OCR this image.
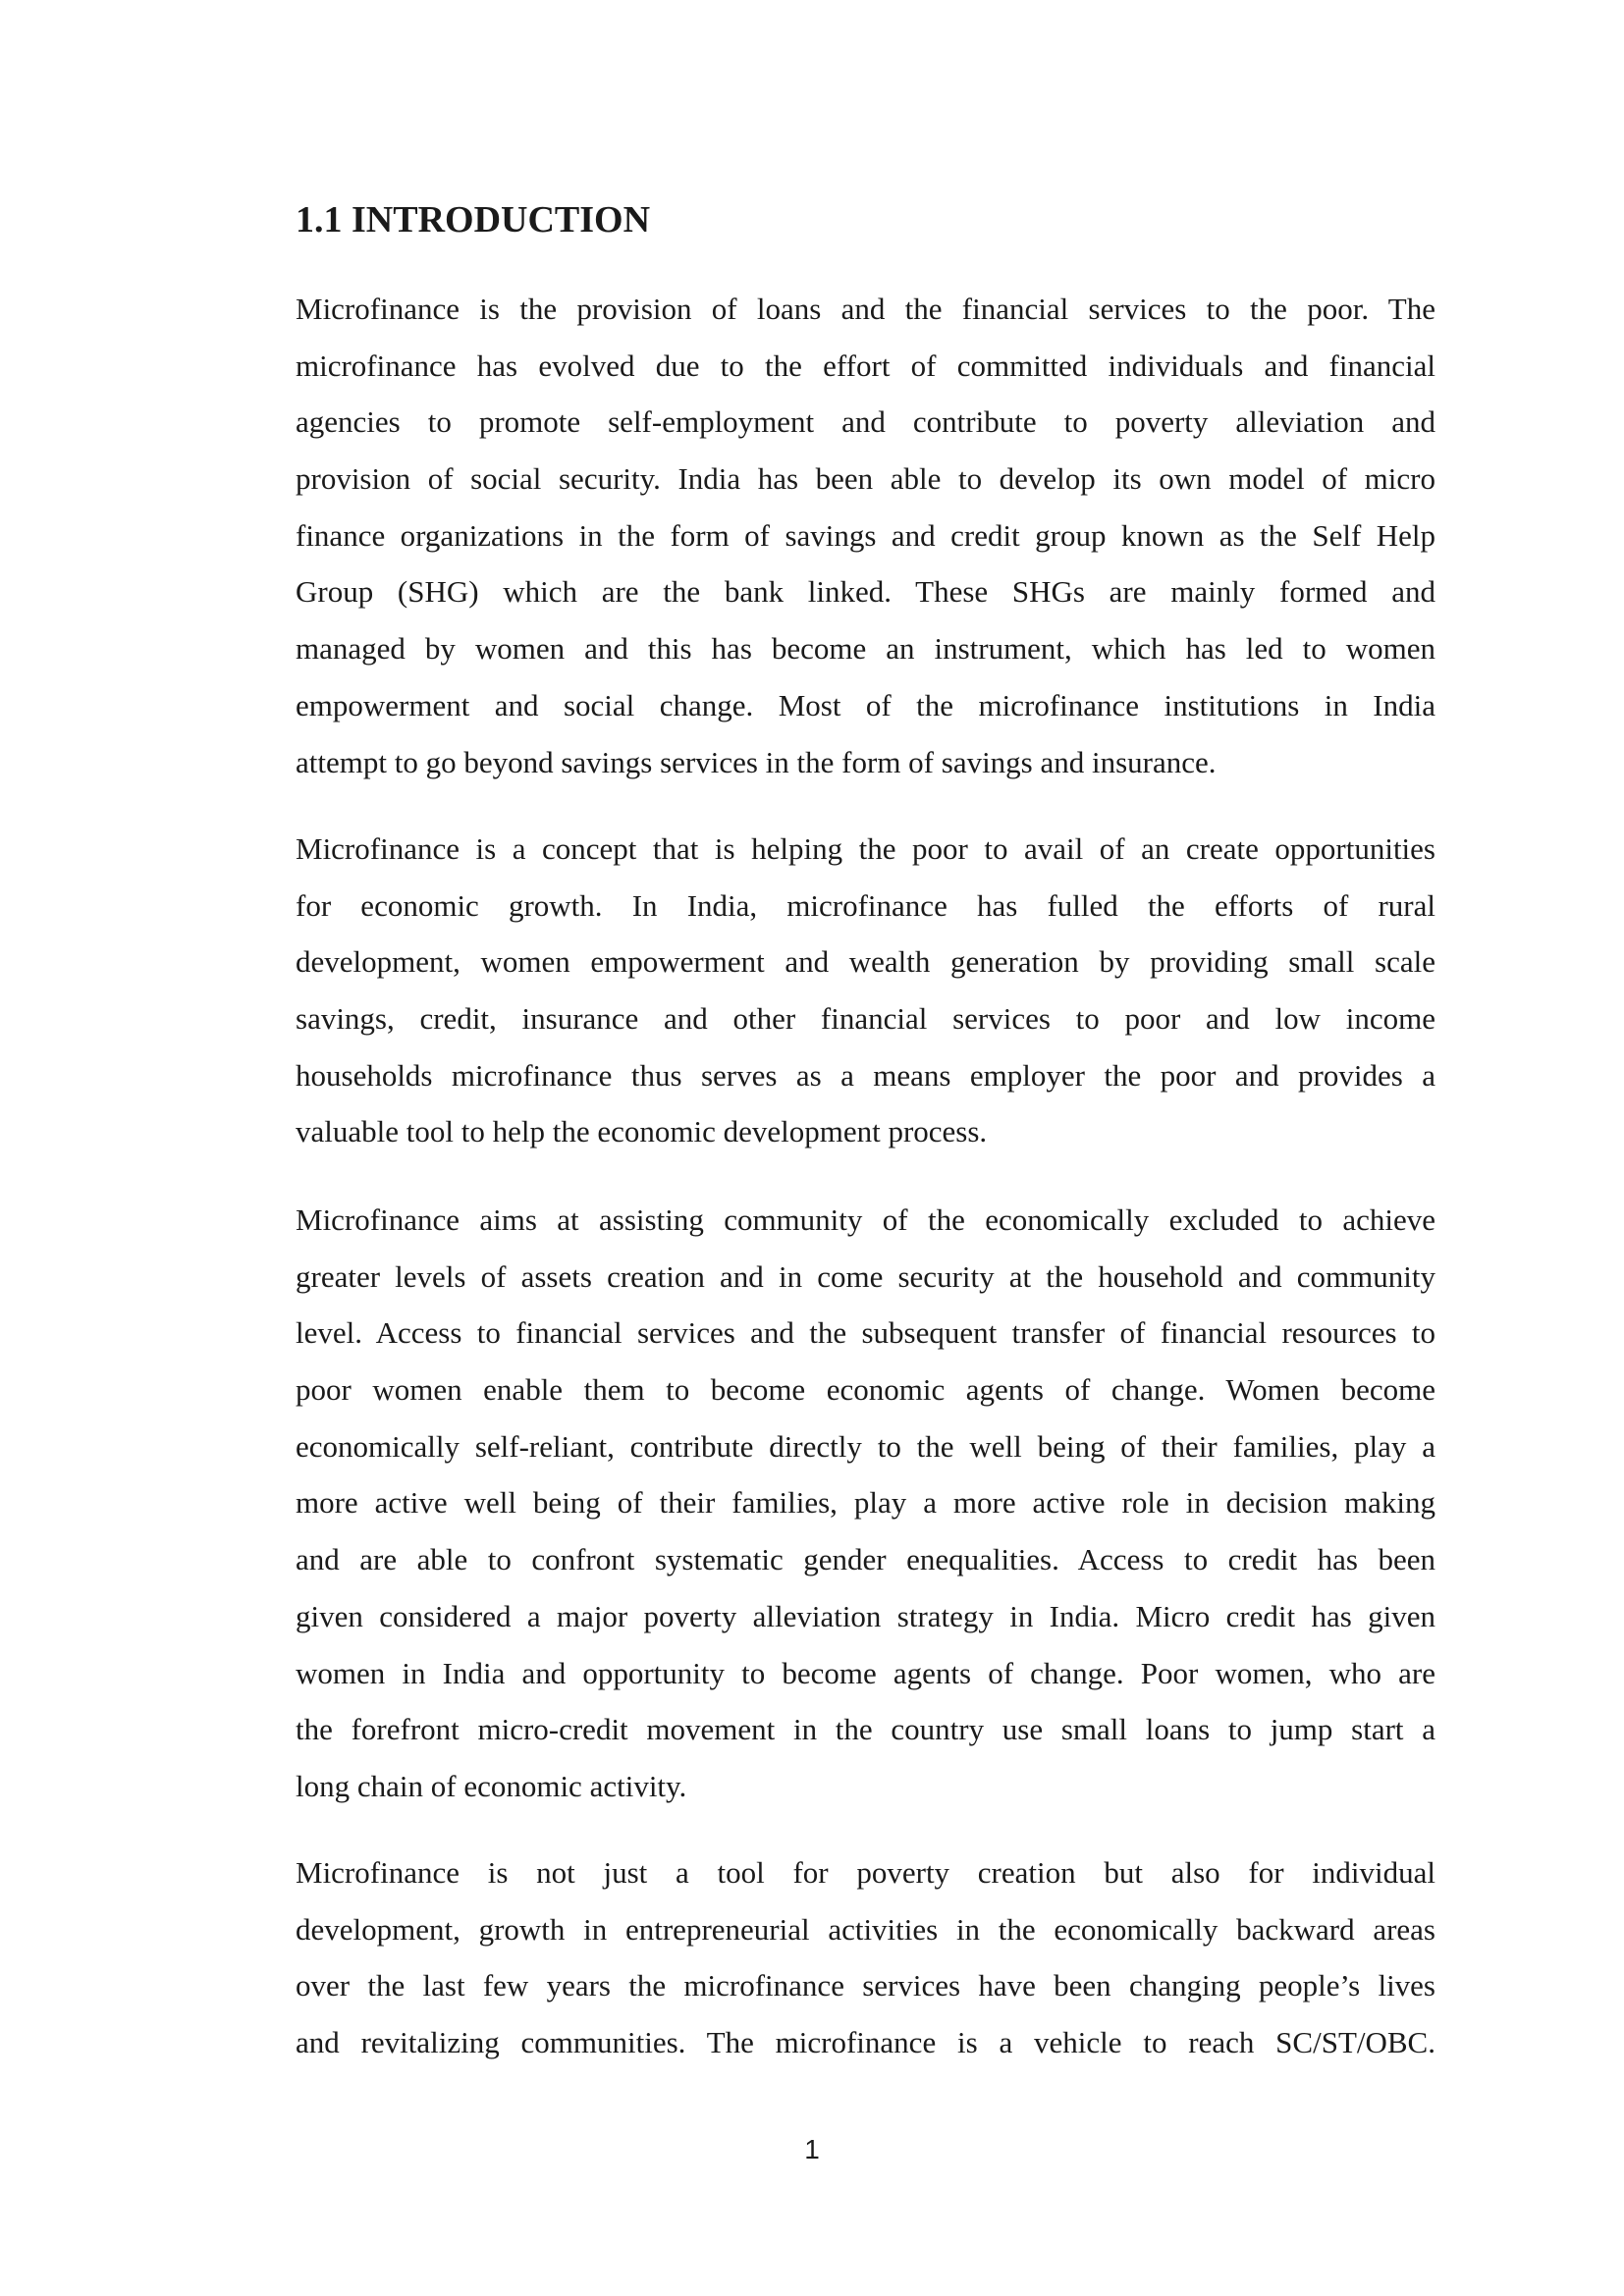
1.1 INTRODUCTION

Microfinance is the provision of loans and the financial services to the poor. The
microfinance has evolved due to the effort of committed individuals and financial
agencies to promote self-employment and contribute to poverty alleviation and
provision of social security. India has been able to develop its own model of micro
finance organizations in the form of savings and credit group known as the Self Help
Group (SHG) which are the bank linked. These SHGs are mainly formed and
managed by women and this has become an instrument, which has led to women
empowerment and social change. Most of the microfinance institutions in India
attempt to go beyond savings services in the form of savings and insurance.

Microfinance is a concept that is helping the poor to avail of an create opportunities
for economic growth. In India, microfinance has fulled the efforts of rural
development, women empowerment and wealth generation by providing small scale
savings, credit, insurance and other financial services to poor and low income
households microfinance thus serves as a means employer the poor and provides a
valuable tool to help the economic development process.

Microfinance aims at assisting community of the economically excluded to achieve
greater levels of assets creation and in come security at the household and community
level. Access to financial services and the subsequent transfer of financial resources to
poor women enable them to become economic agents of change. Women become
economically self-reliant, contribute directly to the well being of their families, play a
more active well being of their families, play a more active role in decision making
and are able to confront systematic gender enequalities. Access to credit has been
given considered a major poverty alleviation strategy in India. Micro credit has given
women in India and opportunity to become agents of change. Poor women, who are
the forefront micro-credit movement in the country use small loans to jump start a
long chain of economic activity.

Microfinance is not just a tool for poverty creation but also for individual
development, growth in entrepreneurial activities in the economically backward areas
over the last few years the microfinance services have been changing people’s lives
and revitalizing communities. The microfinance is a vehicle to reach SC/ST/OBC.

1
